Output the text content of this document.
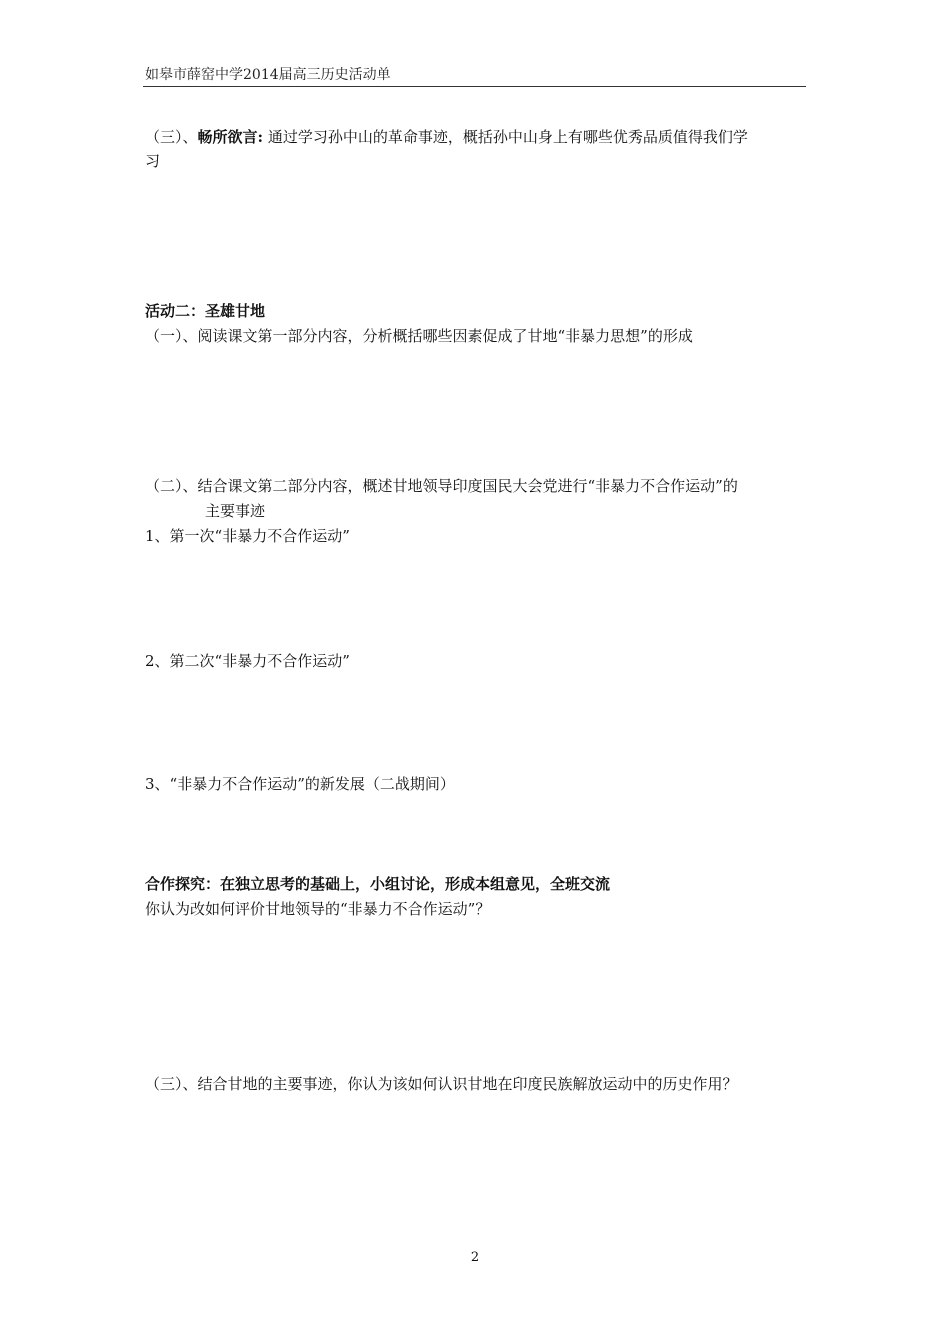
如皋市薛窑中学2014届高三历史活动单
（三）、畅所欲言: 通过学习孙中山的革命事迹，概括孙中山身上有哪些优秀品质值得我们学
习
活动二：圣雄甘地
（一）、阅读课文第一部分内容，分析概括哪些因素促成了甘地“非暴力思想”的形成
（二）、结合课文第二部分内容，概述甘地领导印度国民大会党进行“非暴力不合作运动”的
主要事迹
1、第一次“非暴力不合作运动”
2、第二次“非暴力不合作运动”
3、“非暴力不合作运动”的新发展（二战期间）
合作探究：在独立思考的基础上，小组讨论，形成本组意见，全班交流
你认为改如何评价甘地领导的“非暴力不合作运动”？
（三）、结合甘地的主要事迹，你认为该如何认识甘地在印度民族解放运动中的历史作用？
2
